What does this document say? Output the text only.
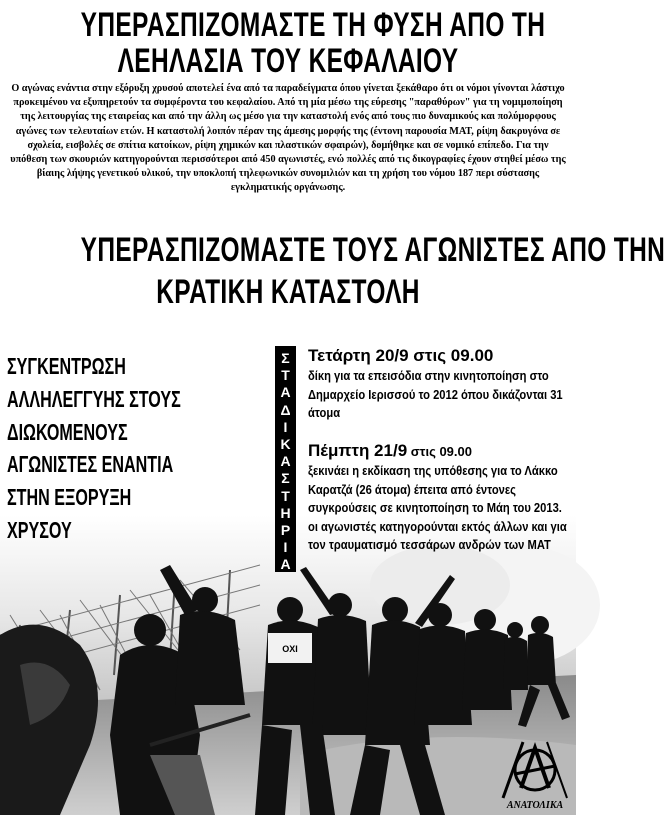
ΥΠΕΡΑΣΠΙΖΟΜΑΣΤΕ ΤΗ ΦΥΣΗ ΑΠΟ ΤΗ
ΛΕΗΛΑΣΙΑ ΤΟΥ ΚΕΦΑΛΑΙΟΥ

Ο αγώνας ενάντια στην εξόρυξη χρυσού αποτελεί ένα από τα παραδείγματα όπου γίνεται ξεκάθαρο ότι οι νόμοι γίνονται λάστιχο προκειμένου να εξυπηρετούν τα συμφέροντα του κεφαλαίου. Από τη μία μέσω της εύρεσης "παραθύρων" για τη νομιμοποίηση της λειτουργίας της εταιρείας και από την άλλη ως μέσο για την καταστολή ενός από τους πιο δυναμικούς και πολύμορφους αγώνες των τελευταίων ετών. Η καταστολή λοιπόν πέραν της άμεσης μορφής της (έντονη παρουσία ΜΑΤ, ρίψη δακρυγόνα σε σχολεία, εισβολές σε σπίτια κατοίκων, ρίψη χημικών και πλαστικών σφαιρών), δομήθηκε και σε νομικό επίπεδο. Για την υπόθεση των σκουριών κατηγορούνται περισσότεροι από 450 αγωνιστές, ενώ πολλές από τις δικογραφίες έχουν στηθεί μέσω της βίαιης λήψης γενετικού υλικού, την υποκλοπή τηλεφωνικών συνομιλιών και τη χρήση του νόμου 187 περι σύστασης εγκληματικής οργάνωσης.

ΥΠΕΡΑΣΠΙΖΟΜΑΣΤΕ ΤΟΥΣ ΑΓΩΝΙΣΤΕΣ ΑΠΟ ΤΗΝ
ΚΡΑΤΙΚΗ ΚΑΤΑΣΤΟΛΗ
ΟΧΙ
ΣΥΓΚΕΝΤΡΩΣΗ
ΑΛΛΗΛΕΓΓΥΗΣ ΣΤΟΥΣ
ΔΙΩΚΟΜΕΝΟΥΣ
ΑΓΩΝΙΣΤΕΣ ΕΝΑΝΤΙΑ
ΣΤΗΝ ΕΞΟΡΥΞΗ
ΧΡΥΣΟΥ
Σ
Τ
Α
Δ
Ι
Κ
Α
Σ
Τ
Η
Ρ
Ι
Α
Τετάρτη 20/9 στις 09.00
δίκη για τα επεισόδια στην κινητοποίηση στο Δημαρχείο Ιερισσού το 2012 όπου δικάζονται 31 άτομα
Πέμπτη 21/9 στις 09.00
ξεκινάει η εκδίκαση της υπόθεσης για το Λάκκο Καρατζά (26 άτομα) έπειτα από έντονες συγκρούσεις σε κινητοποίηση το Μάη του 2013. οι αγωνιστές κατηγορούνται εκτός άλλων και για τον τραυματισμό τεσσάρων ανδρών των ΜΑΤ
ΑΝΑΤΟΛΙΚΑ
